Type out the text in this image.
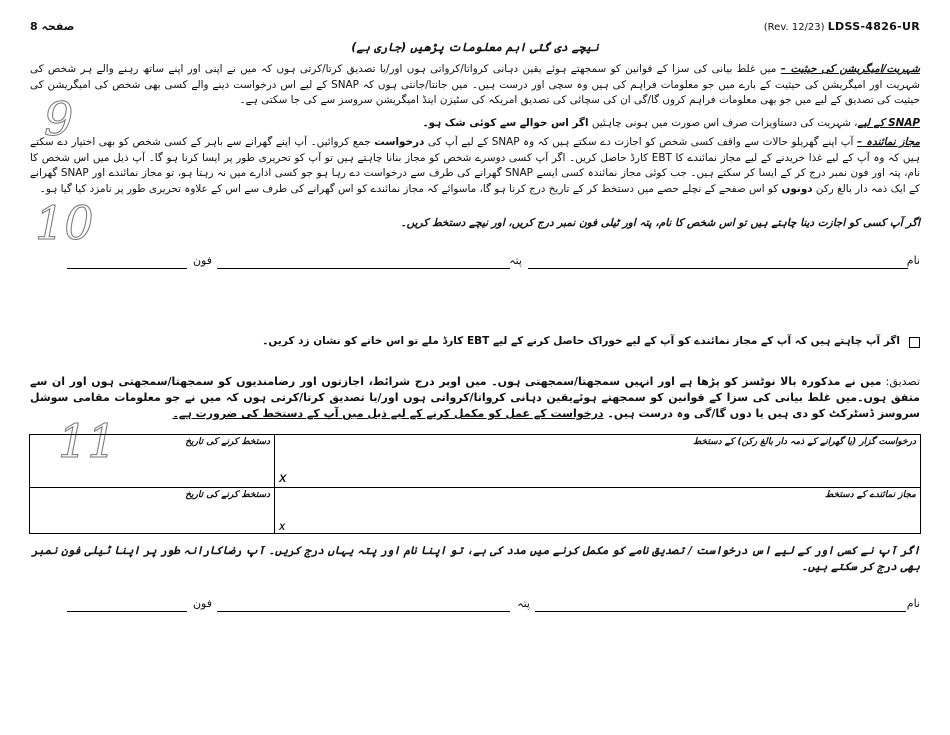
صفحہ 8	(Rev. 12/23) LDSS-4826-UR
نیچے دی گئی اہم معلومات پڑھیں (جاری ہے)
9
10
شہریت/امیگریشن کی حیثیت – میں غلط بیانی کی سزا کے قوانین کو سمجھتے ہوئے یقین دہانی کرواتا/کرواتی ہوں اور/یا تصدیق کرتا/کرتی ہوں کہ میں نے اپنی اور اپنے ساتھ رہنے والے ہر شخص کی شہریت اور امیگریشن کی حیثیت کے بارے میں جو معلومات فراہم کی ہیں وہ سچی اور درست ہیں۔ میں جانتا/جانتی ہوں کہ SNAP کے لیے اس درخواست دینے والے کسی بھی شخص کی امیگریشن کی حیثیت کی تصدیق کے لیے میں جو بھی معلومات فراہم کروں گا/گی ان کی سچائی کی تصدیق امریکہ کی سٹیزن اینڈ امیگریشن سروسز سے کی جا سکتی ہے۔
SNAP کے لیے، شہریت کی دستاویزات صرف اس صورت میں ہونی چاہئیں اگر اس حوالے سے کوئی شک ہو۔
مجاز نمائندہ – آپ اپنے گھریلو حالات سے واقف کسی شخص کو اجازت دے سکتے ہیں کہ وہ SNAP کے لیے آپ کی درخواست جمع کروائیں۔ آپ اپنے گھرانے سے باہر کے کسی شخص کو بھی اختیار دے سکتے ہیں کہ وہ آپ کے لیے غذا خریدنے کے لیے مجاز نمائندے کا EBT کارڈ حاصل کریں۔ اگر آپ کسی دوسرے شخص کو مجاز بنانا چاہتے ہیں تو آپ کو تحریری طور پر ایسا کرنا ہو گا۔ آپ ذیل میں اس شخص کا نام، پتہ اور فون نمبر درج کر کے ایسا کر سکتے ہیں۔ جب کوئی مجاز نمائندہ کسی ایسے SNAP گھرانے کی طرف سے درخواست دے رہا ہو جو کسی ادارے میں نہ رہتا ہو، تو مجاز نمائندے اور SNAP گھرانے کے ایک ذمہ دار بالغ رکن دونوں کو اس صفحے کے نچلے حصے میں دستخط کر کے تاریخ درج کرنا ہو گا، ماسوائے کہ مجاز نمائندے کو اس گھرانے کی طرف سے اس کے علاوہ تحریری طور پر نامزد کیا گیا ہو۔
اگر آپ کسی کو اجازت دینا چاہتے ہیں تو اس شخص کا نام، پتہ اور ٹیلی فون نمبر درج کریں، اور نیچے دستخط کریں۔
نام
پتہ
فون
اگر آپ چاہتے ہیں کہ آپ کے مجاز نمائندے کو آپ کے لیے خوراک حاصل کرنے کے لیے EBT کارڈ ملے تو اس خانے کو نشان زد کریں۔
تصدیق: میں نے مذکورہ بالا نوٹسز کو پڑھا ہے اور انہیں سمجھتا/سمجھتی ہوں۔ میں اوپر درج شرائط، اجازتوں اور رضامندیوں کو سمجھتا/سمجھتی ہوں اور ان سے متفق ہوں۔میں غلط بیانی کی سزا کے قوانین کو سمجھتے ہوئےیقین دہانی کرواتا/کرواتی ہوں اور/یا تصدیق کرتا/کرتی ہوں کہ میں نے جو معلومات مقامی سوشل سروسز ڈسٹرکٹ کو دی ہیں یا دوں گا/گی وہ درست ہیں۔ درخواست کے عمل کو مکمل کرنے کے لیے ذیل میں آپ کے دستخط کی ضرورت ہے۔
11	درخواست گزار (یا گھرانے کے ذمہ دار بالغ رکن) کے دستخط
X
دستخط کرنے کی تاریخ
مجاز نمائندے کے دستخط
X
دستخط کرنے کی تاریخ
اگر آپ نے کسی اور کے لیے اس درخواست / تصدیق نامے کو مکمل کرنے میں مدد کی ہے، تو اپنا نام اور پتہ یہاں درج کریں۔ آپ رضاکارانہ طور پر اپنا ٹیلی فون نمبر بھی درج کر سکتے ہیں۔
نام
پتہ
فون
